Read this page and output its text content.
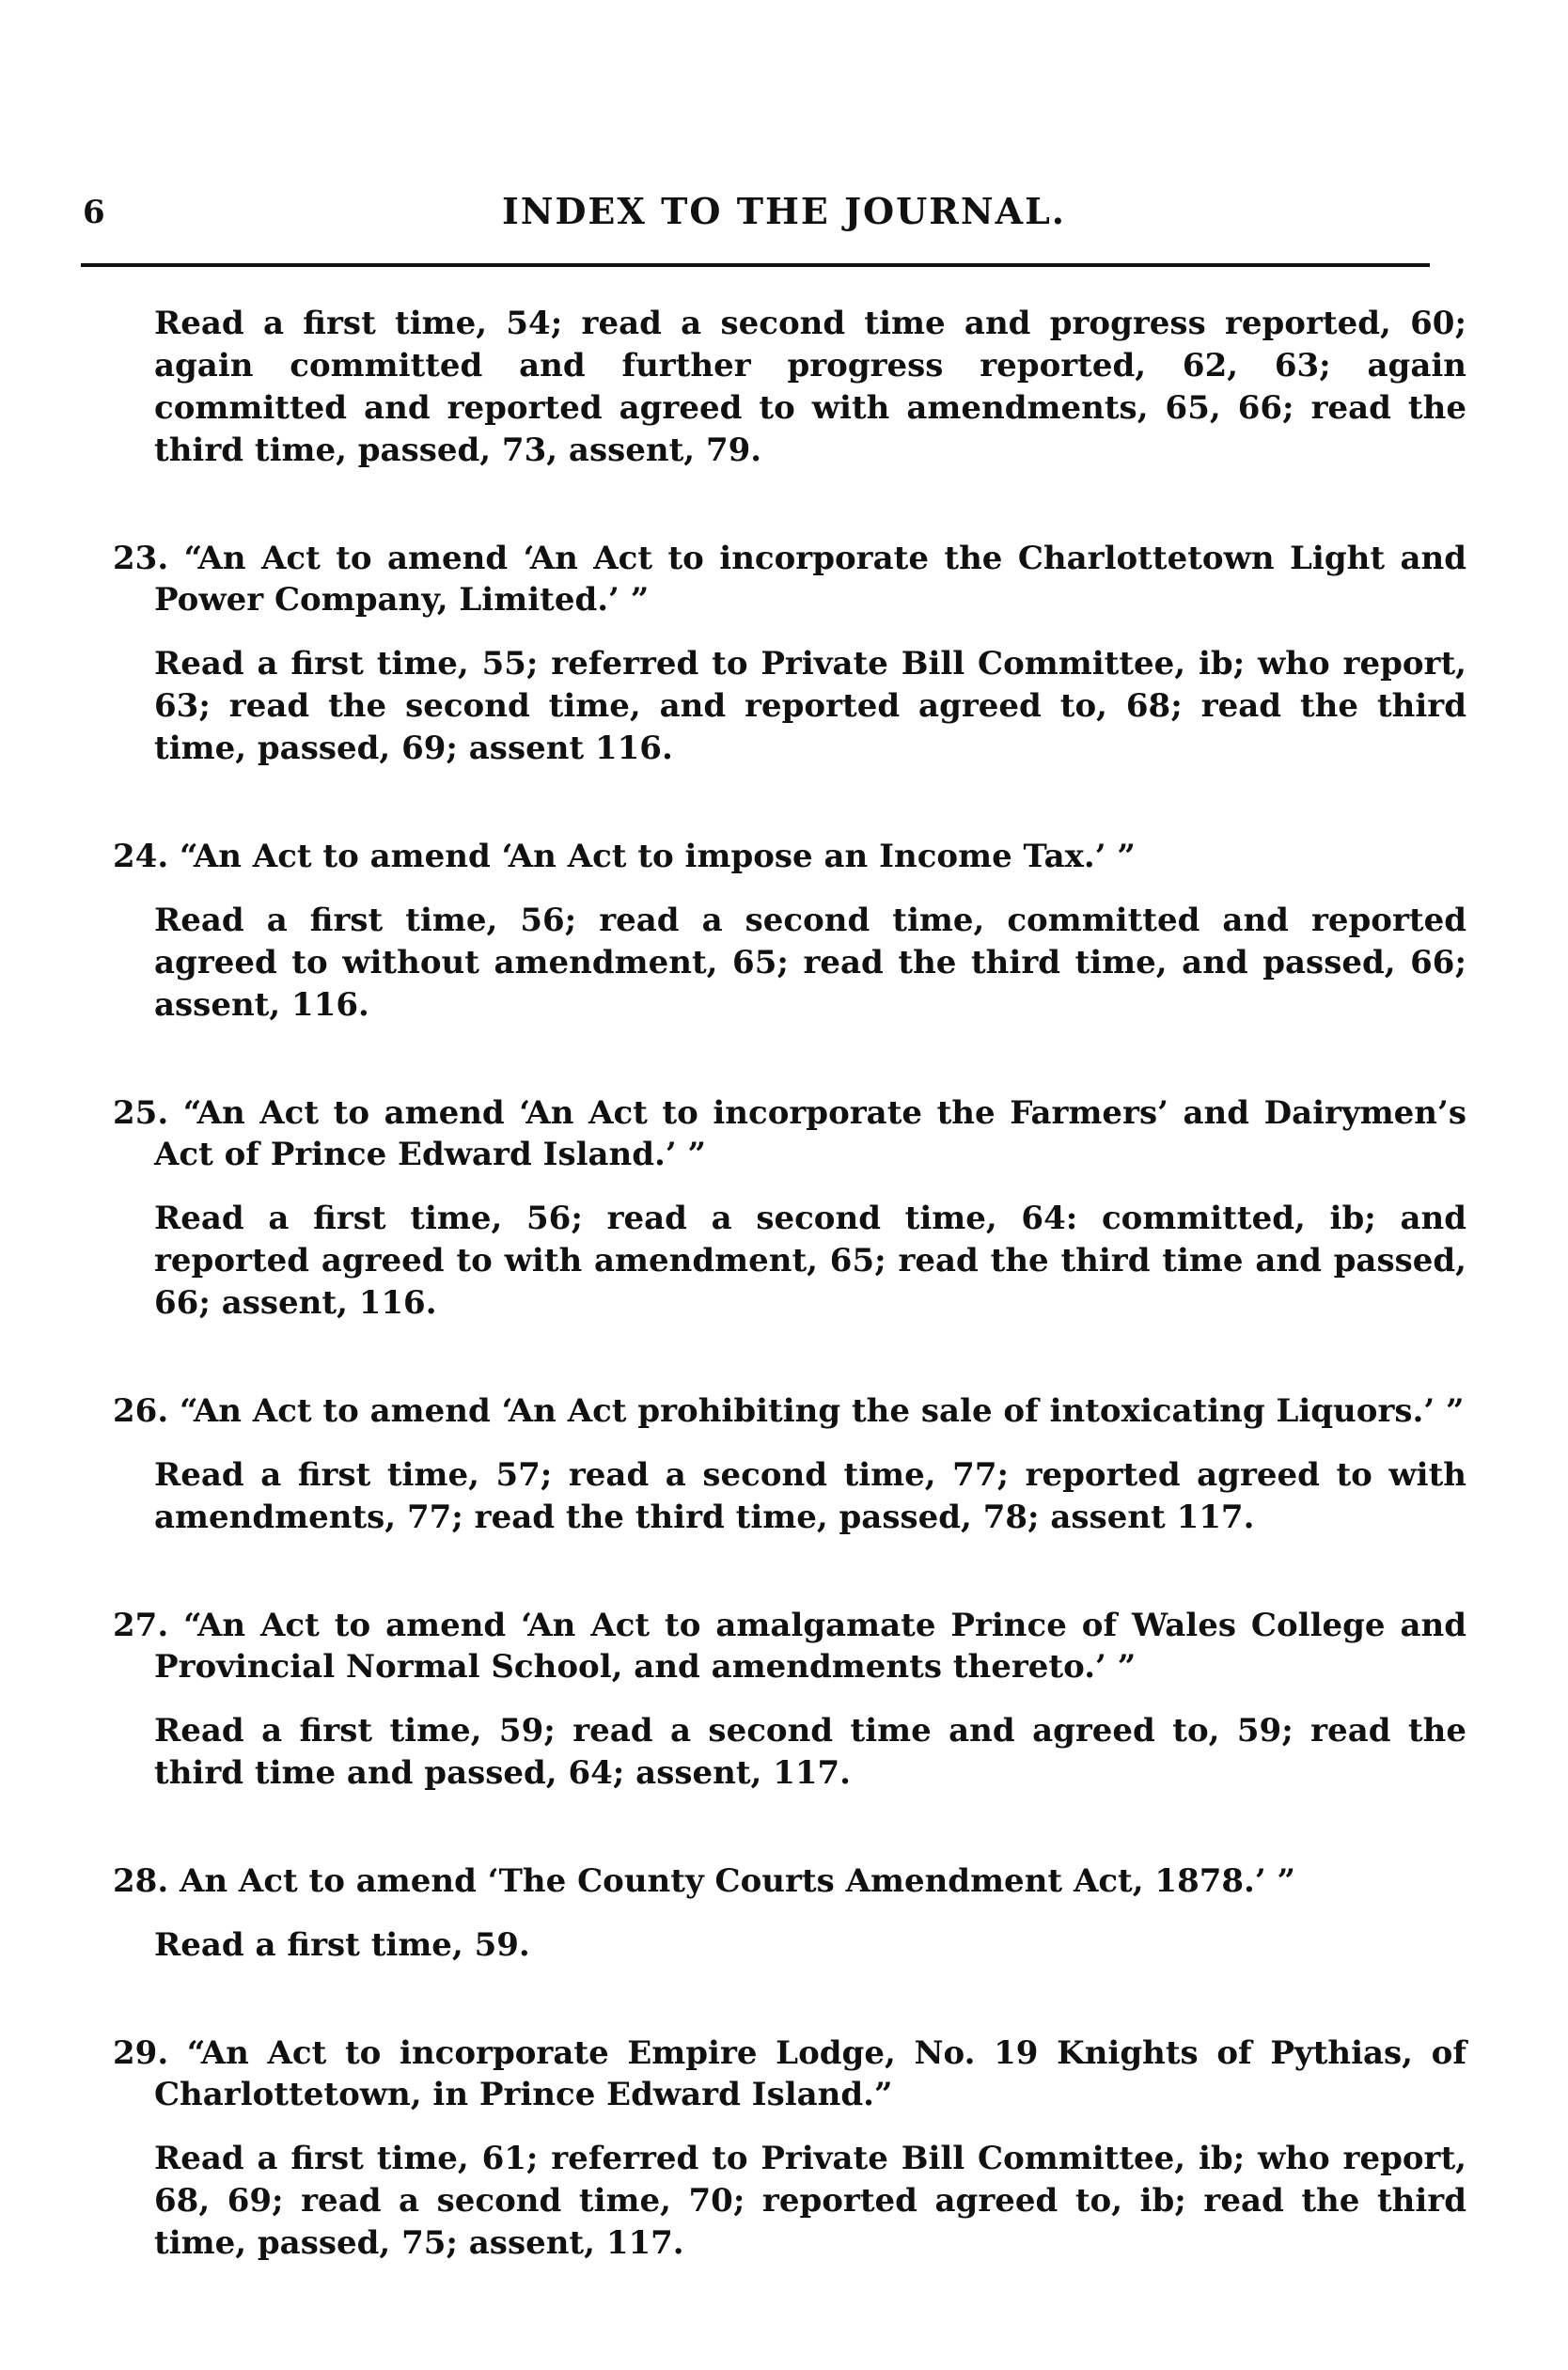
6	INDEX TO THE JOURNAL.

Read a first time, 54; read a second time and progress reported, 60; again committed and further progress reported, 62, 63; again committed and reported agreed to with amendments, 65, 66; read the third time, passed, 73, assent, 79.

23. “An Act to amend ‘An Act to incorporate the Charlottetown Light and Power Company, Limited.’ ”

Read a first time, 55; referred to Private Bill Committee, ib; who report, 63; read the second time, and reported agreed to, 68; read the third time, passed, 69; assent 116.

24. “An Act to amend ‘An Act to impose an Income Tax.’ ”

Read a first time, 56; read a second time, committed and reported agreed to without amendment, 65; read the third time, and passed, 66; assent, 116.

25. “An Act to amend ‘An Act to incorporate the Farmers’ and Dairymen’s Act of Prince Edward Island.’ ”

Read a first time, 56; read a second time, 64: committed, ib; and reported agreed to with amendment, 65; read the third time and passed, 66; assent, 116.

26. “An Act to amend ‘An Act prohibiting the sale of intoxicating Liquors.’ ”

Read a first time, 57; read a second time, 77; reported agreed to with amendments, 77; read the third time, passed, 78; assent 117.

27. “An Act to amend ‘An Act to amalgamate Prince of Wales College and Provincial Normal School, and amendments thereto.’ ”

Read a first time, 59; read a second time and agreed to, 59; read the third time and passed, 64; assent, 117.

28. An Act to amend ‘The County Courts Amendment Act, 1878.’ ”

Read a first time, 59.

29. “An Act to incorporate Empire Lodge, No. 19 Knights of Pythias, of Charlottetown, in Prince Edward Island.”

Read a first time, 61; referred to Private Bill Committee, ib; who report, 68, 69; read a second time, 70; reported agreed to, ib; read the third time, passed, 75; assent, 117.
